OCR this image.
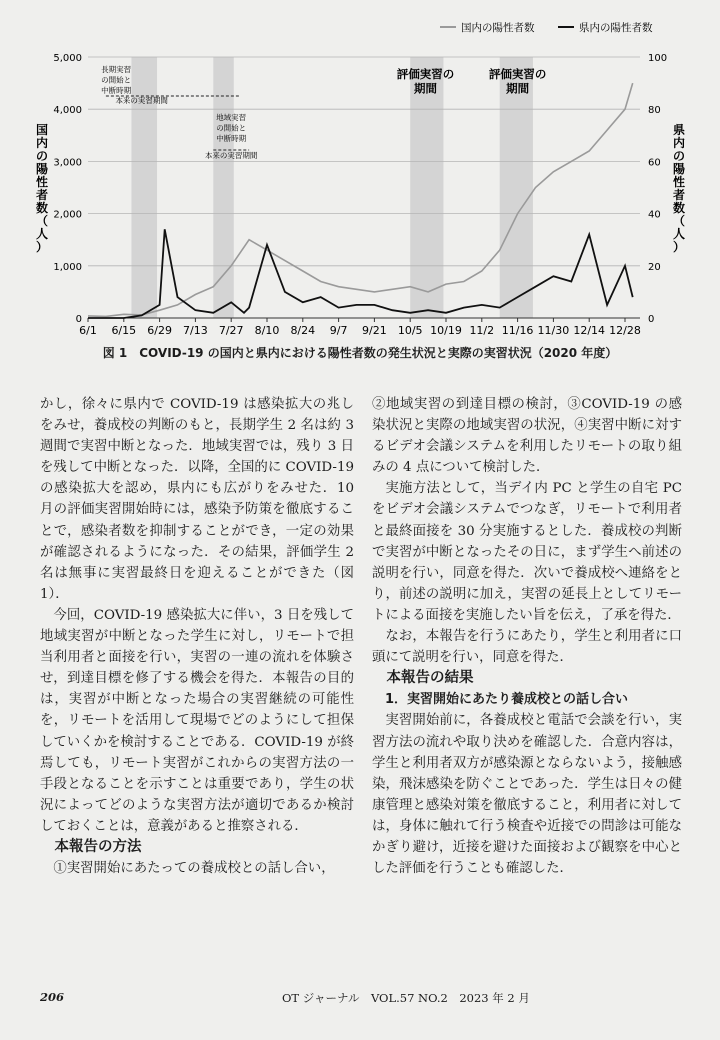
0
1,000
2,000
3,000
4,000
5,000
0
20
40
60
80
100
6/1 6/15 6/29 7/13 7/27 8/10 8/24 9/7 9/21 10/5 10/19 11/2 11/16 11/30 12/14 12/28
国内の陽性者数（人）
県内の陽性者数（人）
国内の陽性者数	県内の陽性者数
評価実習の
期間
評価実習の
期間
長期実習
の開始と
中断時期
本来の実習期間
地域実習
の開始と
中断時期
本来の実習期間
図 1　COVID-19 の国内と県内における陽性者数の発生状況と実際の実習状況（2020 年度）

かし，徐々に県内で COVID-19 は感染拡大の兆しをみせ，養成校の判断のもと，長期学生 2 名は約 3 週間で実習中断となった．地域実習では，残り 3 日を残して中断となった．以降，全国的に COVID-19 の感染拡大を認め，県内にも広がりをみせた．10 月の評価実習開始時には，感染予防策を徹底することで，感染者数を抑制することができ，一定の効果が確認されるようになった．その結果，評価学生 2 名は無事に実習最終日を迎えることができた（図 1）．

今回，COVID-19 感染拡大に伴い，3 日を残して地域実習が中断となった学生に対し，リモートで担当利用者と面接を行い，実習の一連の流れを体験させ，到達目標を修了する機会を得た．本報告の目的は，実習が中断となった場合の実習継続の可能性を，リモートを活用して現場でどのようにして担保していくかを検討することである．COVID-19 が終焉しても，リモート実習がこれからの実習方法の一手段となることを示すことは重要であり，学生の状況によってどのような実習方法が適切であるか検討しておくことは，意義があると推察される．

本報告の方法

①実習開始にあたっての養成校との話し合い，

②地域実習の到達目標の検討，③COVID-19 の感染状況と実際の地域実習の状況，④実習中断に対するビデオ会議システムを利用したリモートの取り組みの 4 点について検討した．

実施方法として，当デイ内 PC と学生の自宅 PC をビデオ会議システムでつなぎ，リモートで利用者と最終面接を 30 分実施するとした．養成校の判断で実習が中断となったその日に，まず学生へ前述の説明を行い，同意を得た．次いで養成校へ連絡をとり，前述の説明に加え，実習の延長上としてリモートによる面接を実施したい旨を伝え，了承を得た．

なお，本報告を行うにあたり，学生と利用者に口頭にて説明を行い，同意を得た．

本報告の結果

1．実習開始にあたり養成校との話し合い

実習開始前に，各養成校と電話で会談を行い，実習方法の流れや取り決めを確認した．合意内容は，学生と利用者双方が感染源とならないよう，接触感染，飛沫感染を防ぐことであった．学生は日々の健康管理と感染対策を徹底すること，利用者に対しては，身体に触れて行う検査や近接での問診は可能なかぎり避け，近接を避けた面接および観察を中心とした評価を行うことも確認した．

206	OT ジャーナル　VOL.57 NO.2　2023 年 2 月
